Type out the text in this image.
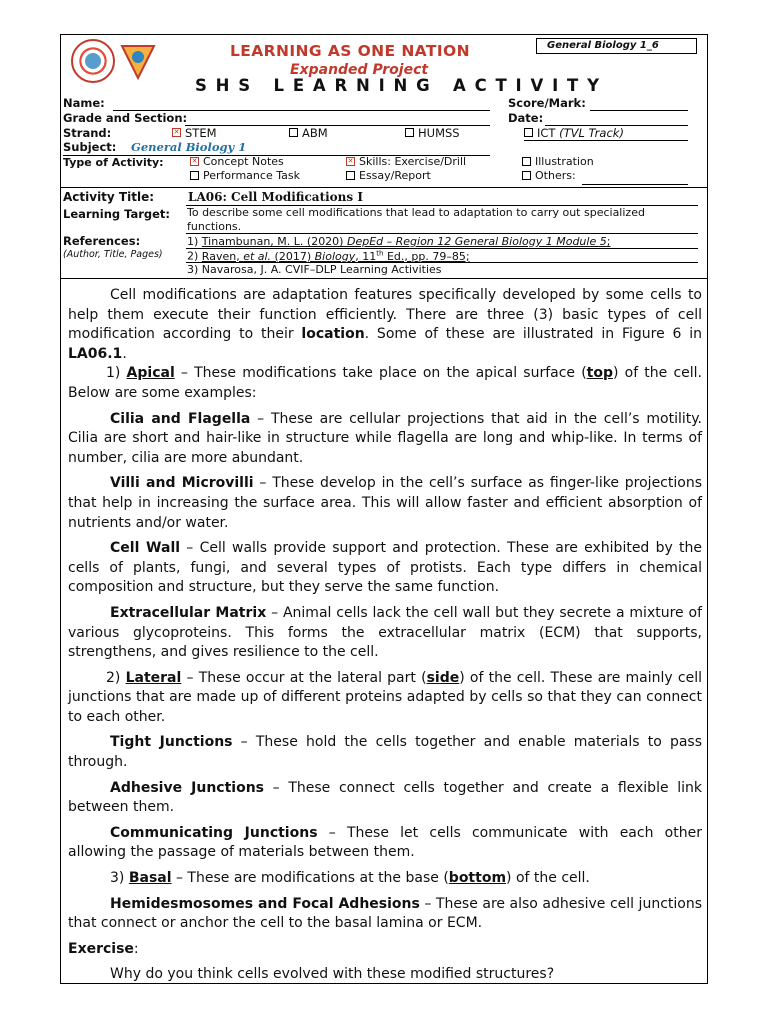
LEARNING AS ONE NATION
Expanded Project
SHS LEARNING ACTIVITY
General Biology 1_6
Name:	Score/Mark:
Grade and Section:	Date:
Strand:	✕ STEM	ABM	HUMSS	ICT (TVL Track)
Subject: General Biology 1
Type of Activity:	✕ Concept Notes	✕ Skills: Exercise/Drill	Illustration
Performance Task	Essay/Report	Others:
Activity Title:	LA06: Cell Modifications I
Learning Target: To describe some cell modifications that lead to adaptation to carry out specialized
functions.
References:
(Author, Title, Pages)
1) Tinambunan, M. L. (2020) DepEd – Region 12 General Biology 1 Module 5;
2) Raven, et al. (2017) Biology, 11th Ed., pp. 79–85;
3) Navarosa, J. A. CVIF–DLP Learning Activities

Cell modifications are adaptation features specifically developed by some cells to help them execute their function efficiently. There are three (3) basic types of cell modification according to their location. Some of these are illustrated in Figure 6 in LA06.1.

1) Apical – These modifications take place on the apical surface (top) of the cell. Below are some examples:

Cilia and Flagella – These are cellular projections that aid in the cell’s motility. Cilia are short and hair-like in structure while flagella are long and whip-like. In terms of number, cilia are more abundant.

Villi and Microvilli – These develop in the cell’s surface as finger-like projections that help in increasing the surface area. This will allow faster and efficient absorption of nutrients and/or water.

Cell Wall – Cell walls provide support and protection. These are exhibited by the cells of plants, fungi, and several types of protists. Each type differs in chemical composition and structure, but they serve the same function.

Extracellular Matrix – Animal cells lack the cell wall but they secrete a mixture of various glycoproteins. This forms the extracellular matrix (ECM) that supports, strengthens, and gives resilience to the cell.

2) Lateral – These occur at the lateral part (side) of the cell. These are mainly cell junctions that are made up of different proteins adapted by cells so that they can connect to each other.

Tight Junctions – These hold the cells together and enable materials to pass through.

Adhesive Junctions – These connect cells together and create a flexible link between them.

Communicating Junctions – These let cells communicate with each other allowing the passage of materials between them.

3) Basal – These are modifications at the base (bottom) of the cell.

Hemidesmosomes and Focal Adhesions – These are also adhesive cell junctions that connect or anchor the cell to the basal lamina or ECM.

Exercise:

Why do you think cells evolved with these modified structures?
